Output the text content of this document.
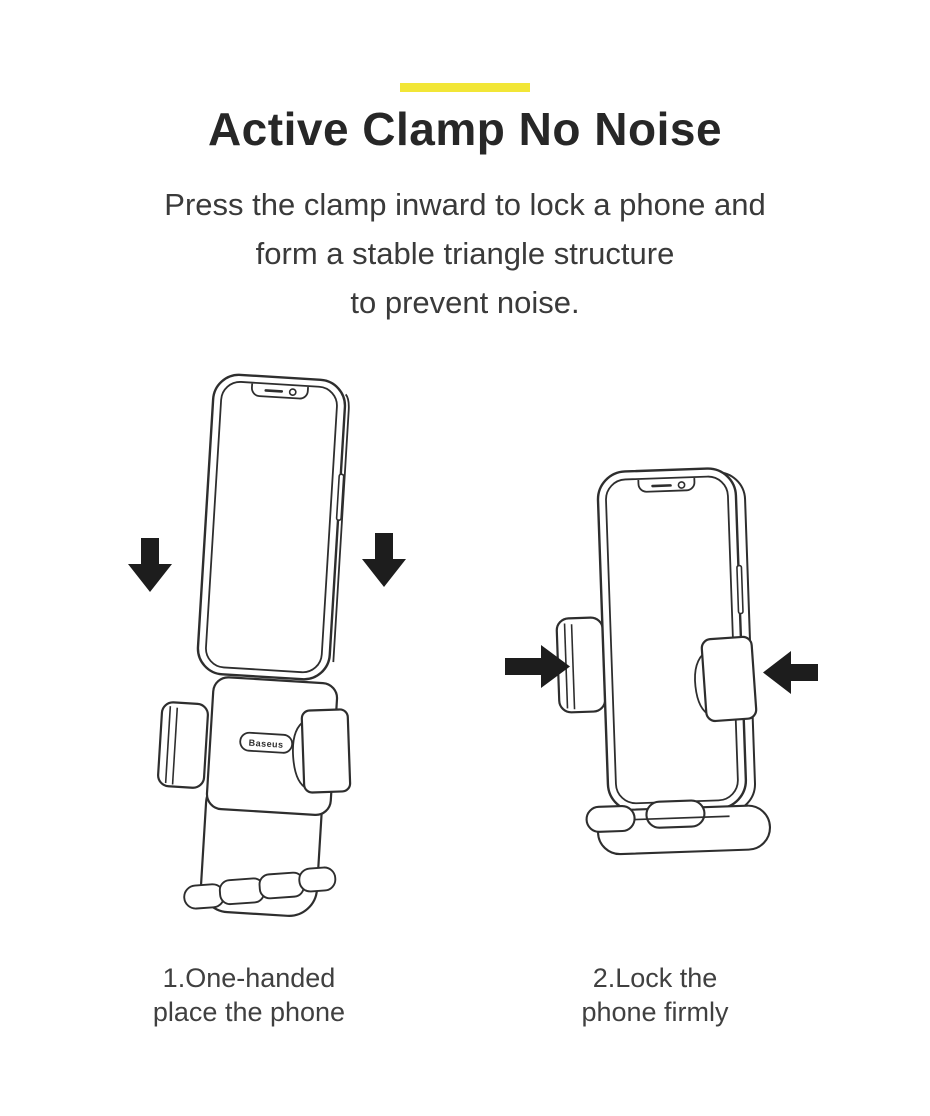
Active Clamp No Noise
Press the clamp inward to lock a phone and
form a stable triangle structure
to prevent noise.
Baseus
1.One-handed
place the phone
2.Lock the
phone firmly
